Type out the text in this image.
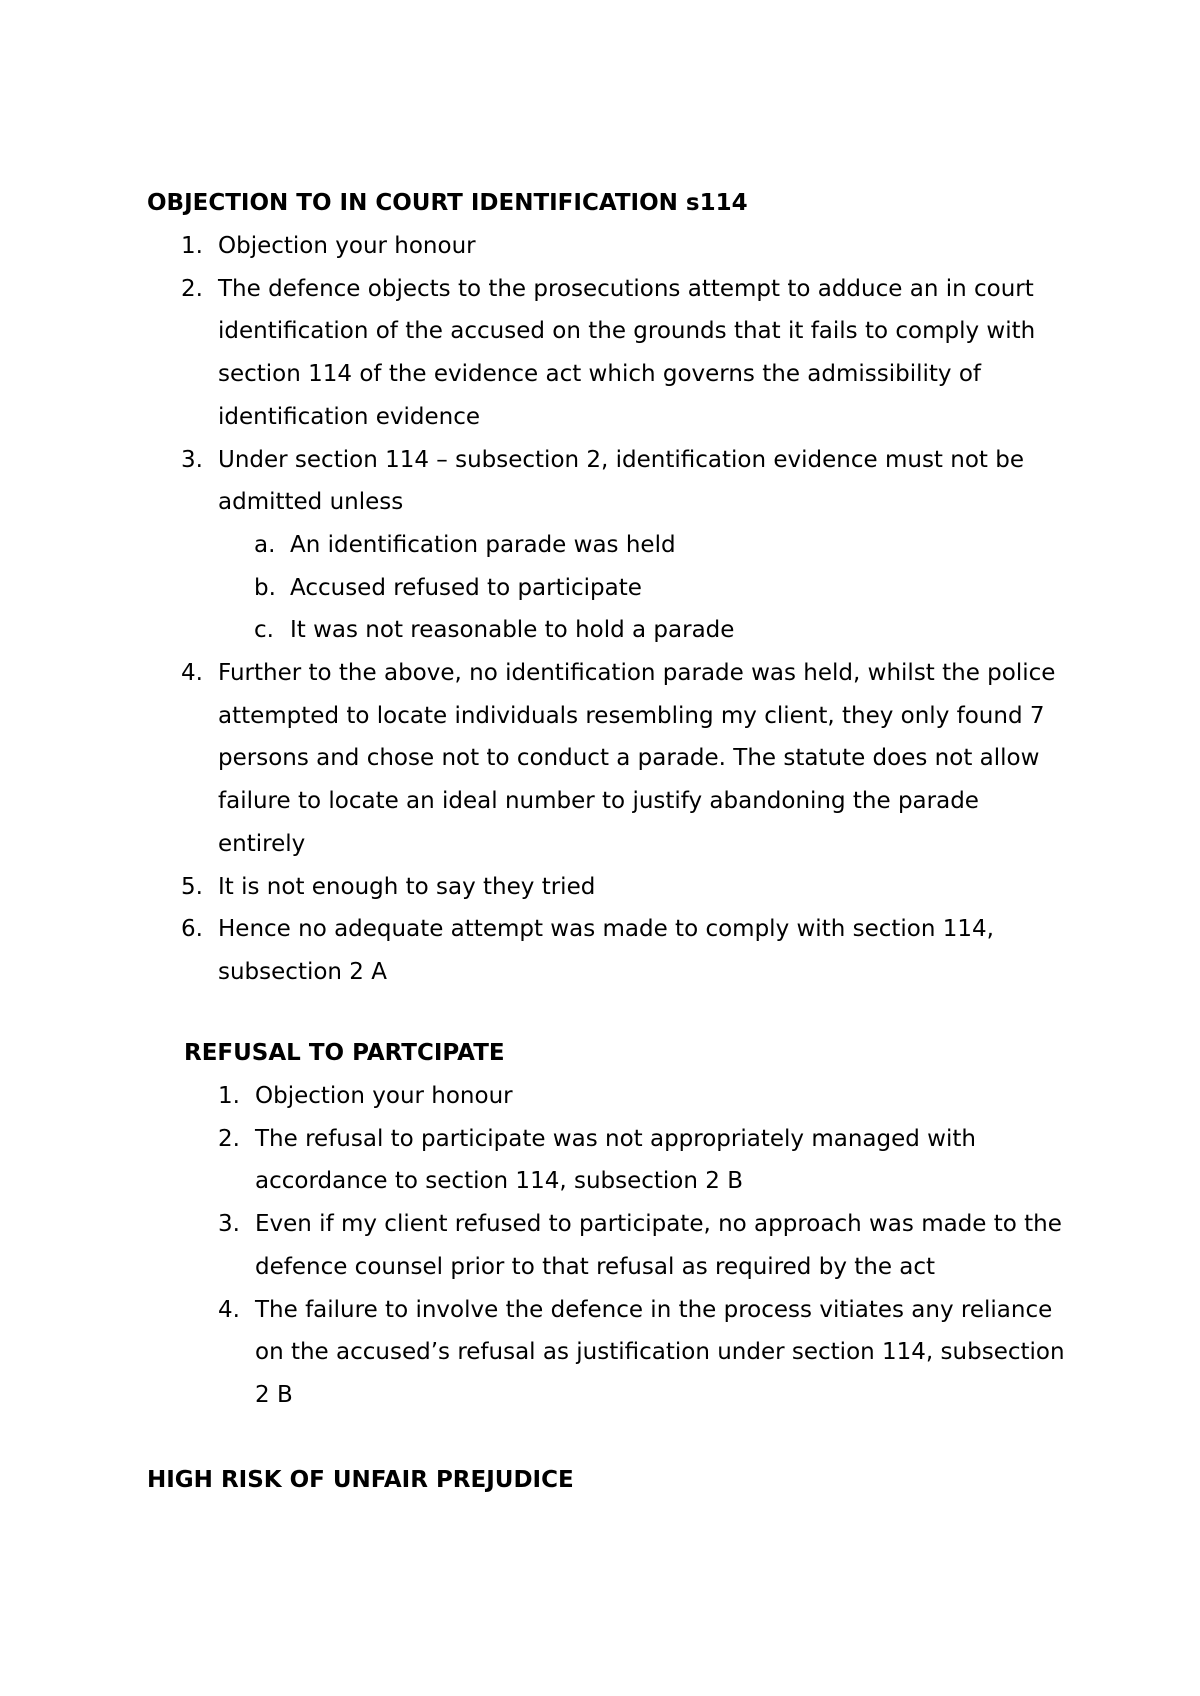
OBJECTION TO IN COURT IDENTIFICATION s114
1. Objection your honour
2. The defence objects to the prosecutions attempt to adduce an in court identification of the accused on the grounds that it fails to comply with section 114 of the evidence act which governs the admissibility of identification evidence
3. Under section 114 – subsection 2, identification evidence must not be admitted unless
a. An identification parade was held
b. Accused refused to participate
c. It was not reasonable to hold a parade
4. Further to the above, no identification parade was held, whilst the police attempted to locate individuals resembling my client, they only found 7 persons and chose not to conduct a parade. The statute does not allow failure to locate an ideal number to justify abandoning the parade entirely
5. It is not enough to say they tried
6. Hence no adequate attempt was made to comply with section 114, subsection 2 A
REFUSAL TO PARTCIPATE
1. Objection your honour
2. The refusal to participate was not appropriately managed with accordance to section 114, subsection 2 B
3. Even if my client refused to participate, no approach was made to the defence counsel prior to that refusal as required by the act
4. The failure to involve the defence in the process vitiates any reliance on the accused’s refusal as justification under section 114, subsection 2 B
HIGH RISK OF UNFAIR PREJUDICE
